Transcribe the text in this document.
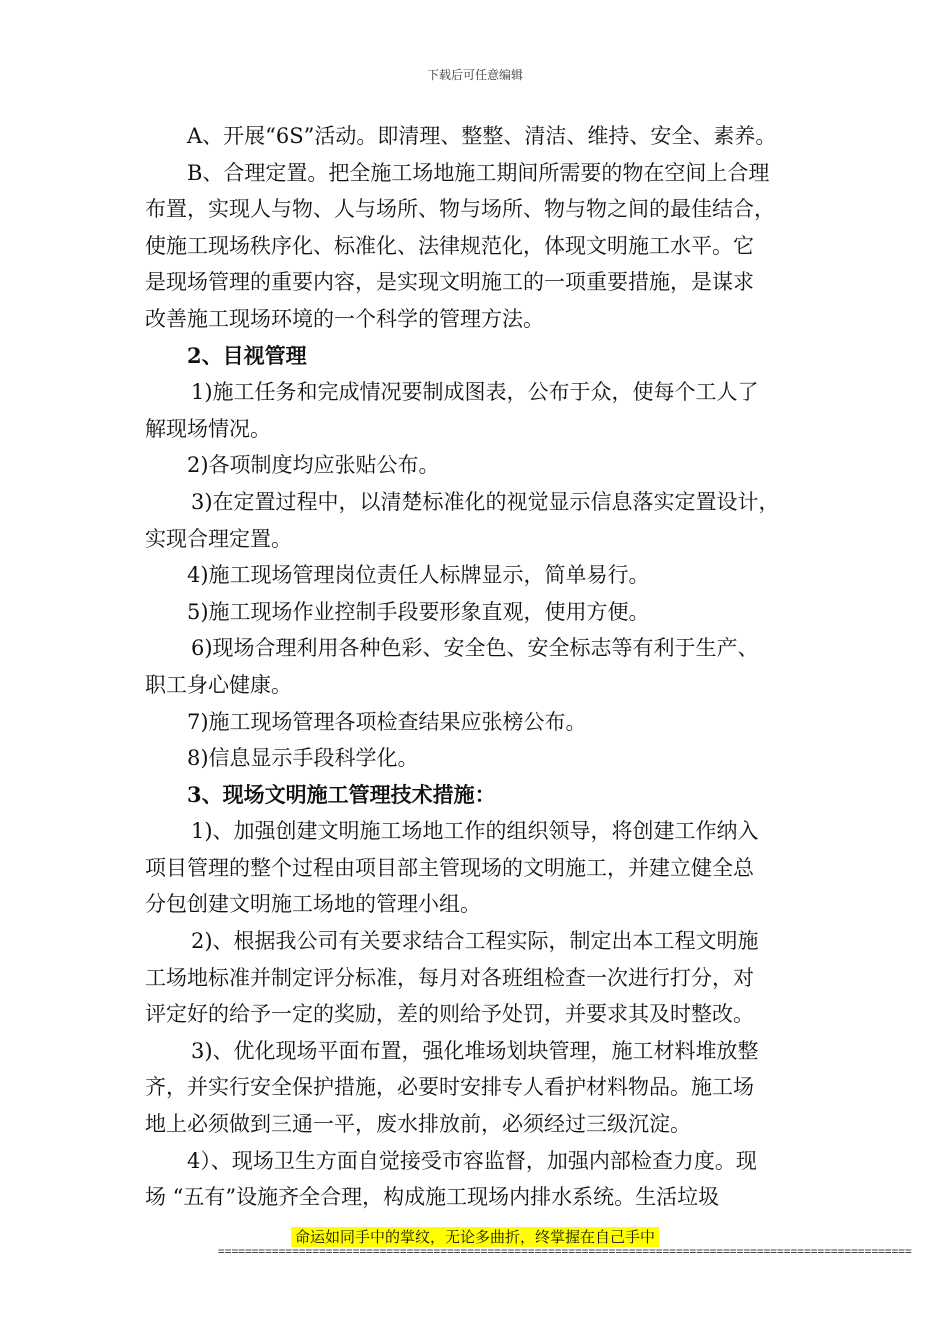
下载后可任意编辑

A、开展“6S”活动。即清理、整整、清洁、维持、安全、素养。

B、合理定置。把全施工场地施工期间所需要的物在空间上合理

布置，实现人与物、人与场所、物与场所、物与物之间的最佳结合，

使施工现场秩序化、标准化、法律规范化，体现文明施工水平。它

是现场管理的重要内容，是实现文明施工的一项重要措施，是谋求

改善施工现场环境的一个科学的管理方法。

2、目视管理

1)施工任务和完成情况要制成图表，公布于众，使每个工人了

解现场情况。

2)各项制度均应张贴公布。

3)在定置过程中，以清楚标准化的视觉显示信息落实定置设计，

实现合理定置。

4)施工现场管理岗位责任人标牌显示，简单易行。

5)施工现场作业控制手段要形象直观，使用方便。

6)现场合理利用各种色彩、安全色、安全标志等有利于生产、

职工身心健康。

7)施工现场管理各项检查结果应张榜公布。

8)信息显示手段科学化。

3、现场文明施工管理技术措施：

1)、加强创建文明施工场地工作的组织领导，将创建工作纳入

项目管理的整个过程由项目部主管现场的文明施工，并建立健全总

分包创建文明施工场地的管理小组。

2)、根据我公司有关要求结合工程实际，制定出本工程文明施

工场地标准并制定评分标准，每月对各班组检查一次进行打分，对

评定好的给予一定的奖励，差的则给予处罚，并要求其及时整改。

3)、优化现场平面布置，强化堆场划块管理，施工材料堆放整

齐，并实行安全保护措施，必要时安排专人看护材料物品。施工场

地上必须做到三通一平，废水排放前，必须经过三级沉淀。

4）、现场卫生方面自觉接受市容监督，加强内部检查力度。现

场 “五有”设施齐全合理，构成施工现场内排水系统。生活垃圾

命运如同手中的掌纹，无论多曲折，终掌握在自己手中
=======================================================================================================
